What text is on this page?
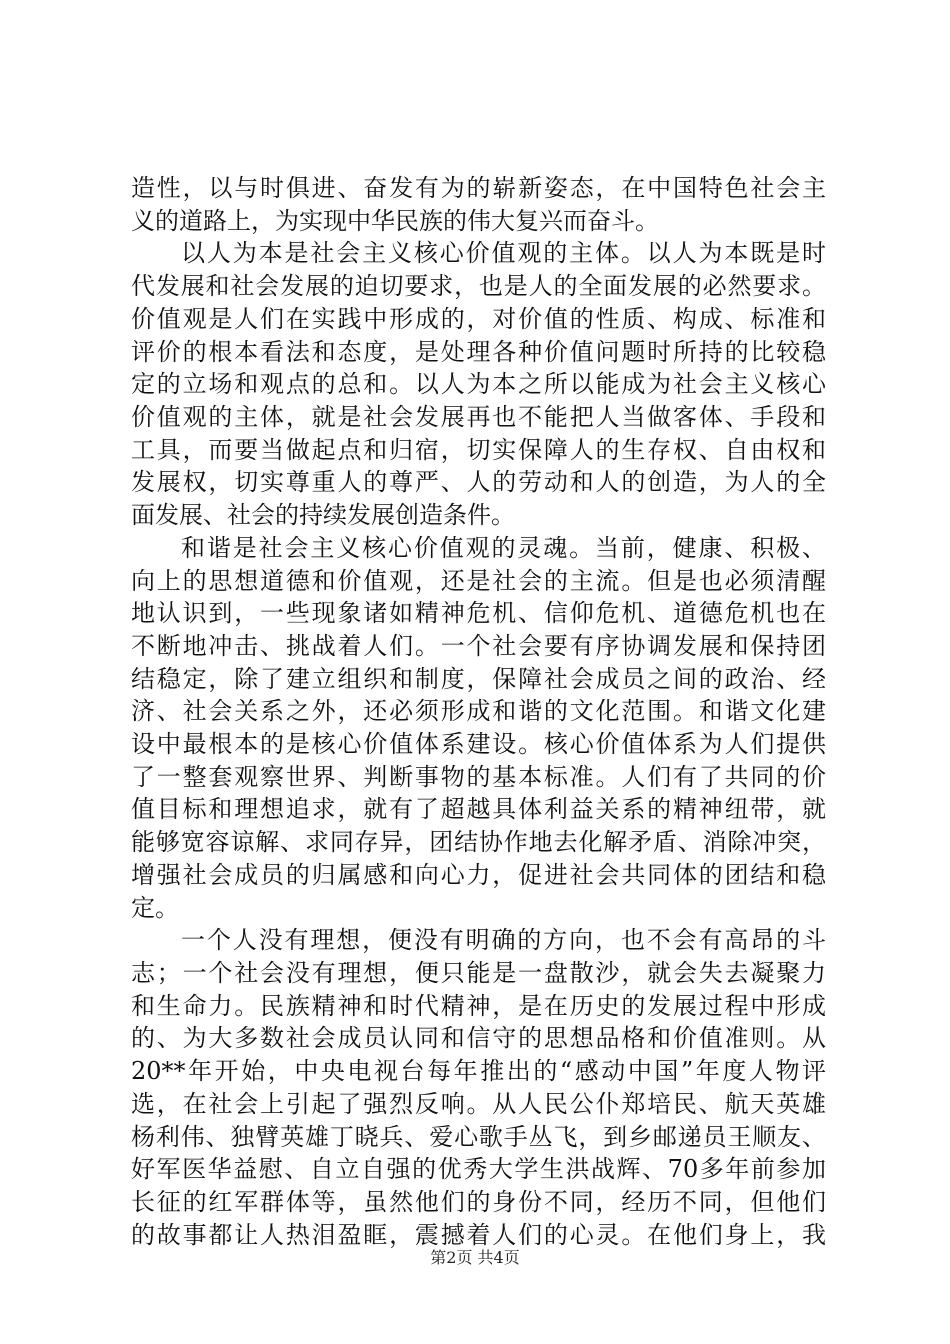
造性，以与时俱进、奋发有为的崭新姿态，在中国特色社会主
义的道路上，为实现中华民族的伟大复兴而奋斗。
以人为本是社会主义核心价值观的主体。以人为本既是时
代发展和社会发展的迫切要求，也是人的全面发展的必然要求。
价值观是人们在实践中形成的，对价值的性质、构成、标准和
评价的根本看法和态度，是处理各种价值问题时所持的比较稳
定的立场和观点的总和。以人为本之所以能成为社会主义核心
价值观的主体，就是社会发展再也不能把人当做客体、手段和
工具，而要当做起点和归宿，切实保障人的生存权、自由权和
发展权，切实尊重人的尊严、人的劳动和人的创造，为人的全
面发展、社会的持续发展创造条件。
和谐是社会主义核心价值观的灵魂。当前，健康、积极、
向上的思想道德和价值观，还是社会的主流。但是也必须清醒
地认识到，一些现象诸如精神危机、信仰危机、道德危机也在
不断地冲击、挑战着人们。一个社会要有序协调发展和保持团
结稳定，除了建立组织和制度，保障社会成员之间的政治、经
济、社会关系之外，还必须形成和谐的文化范围。和谐文化建
设中最根本的是核心价值体系建设。核心价值体系为人们提供
了一整套观察世界、判断事物的基本标准。人们有了共同的价
值目标和理想追求，就有了超越具体利益关系的精神纽带，就
能够宽容谅解、求同存异，团结协作地去化解矛盾、消除冲突，
增强社会成员的归属感和向心力，促进社会共同体的团结和稳
定。
一个人没有理想，便没有明确的方向，也不会有高昂的斗
志；一个社会没有理想，便只能是一盘散沙，就会失去凝聚力
和生命力。民族精神和时代精神，是在历史的发展过程中形成
的、为大多数社会成员认同和信守的思想品格和价值准则。从
20**年开始，中央电视台每年推出的“感动中国”年度人物评
选，在社会上引起了强烈反响。从人民公仆郑培民、航天英雄
杨利伟、独臂英雄丁晓兵、爱心歌手丛飞，到乡邮递员王顺友、
好军医华益慰、自立自强的优秀大学生洪战辉、70多年前参加
长征的红军群体等，虽然他们的身份不同，经历不同，但他们
的故事都让人热泪盈眶，震撼着人们的心灵。在他们身上，我
第2页 共4页
